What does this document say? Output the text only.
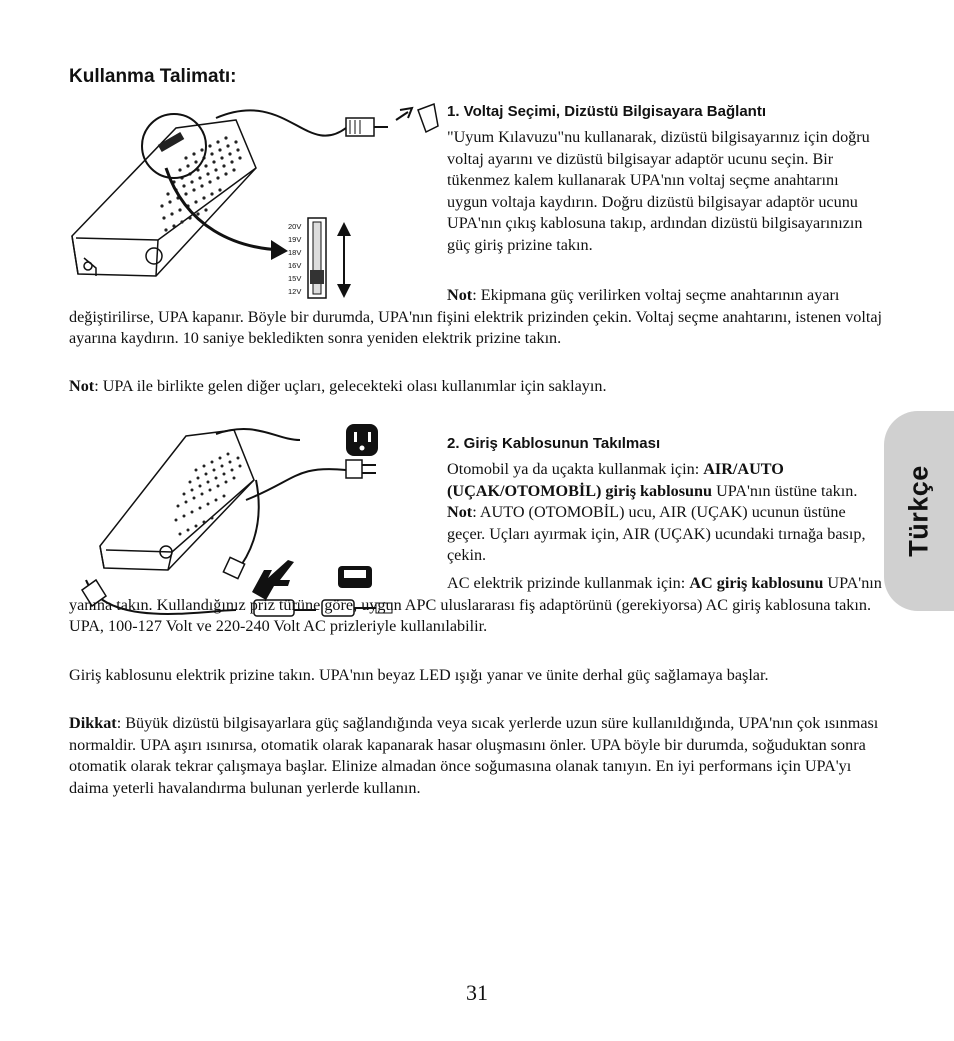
Kullanma Talimatı:
20V
19V
18V
16V
15V
12V
1. Voltaj Seçimi, Dizüstü Bilgisayara Bağlantı
"Uyum Kılavuzu"nu kullanarak, dizüstü bilgisayarınız için doğru voltaj ayarını ve dizüstü bilgisayar adaptör ucunu seçin. Bir tükenmez kalem kullanarak UPA'nın voltaj seçme anahtarını uygun voltaja kaydırın. Doğru dizüstü bilgisayar adaptör ucunu UPA'nın çıkış kablosuna takıp, ardından dizüstü bilgisayarınızın güç giriş prizine takın.
Not: Ekipmana güç verilirken voltaj seçme anahtarının ayarı değiştirilirse, UPA kapanır. Böyle bir durumda, UPA'nın fişini elektrik prizinden çekin. Voltaj seçme anahtarını, istenen voltaj ayarına kaydırın. 10 saniye bekledikten sonra yeniden elektrik prizine takın.
Not: UPA ile birlikte gelen diğer uçları, gelecekteki olası kullanımlar için saklayın.
2. Giriş Kablosunun Takılması
Otomobil ya da uçakta kullanmak için: AIR/AUTO (UÇAK/OTOMOBİL) giriş kablosunu UPA'nın üstüne takın. Not: AUTO (OTOMOBİL) ucu, AIR (UÇAK) ucunun üstüne geçer. Uçları ayırmak için, AIR (UÇAK) ucundaki tırnağa basıp, çekin.
AC elektrik prizinde kullanmak için: AC giriş kablosunu UPA'nın yanına takın. Kullandığınız priz türüne göre, uygun APC uluslararası fiş adaptörünü (gerekiyorsa) AC giriş kablosuna takın. UPA, 100-127 Volt ve 220-240 Volt AC prizleriyle kullanılabilir.
Giriş kablosunu elektrik prizine takın. UPA'nın beyaz LED ışığı yanar ve ünite derhal güç sağlamaya başlar.
Dikkat: Büyük dizüstü bilgisayarlara güç sağlandığında veya sıcak yerlerde uzun süre kullanıldığında, UPA'nın çok ısınması normaldir. UPA aşırı ısınırsa, otomatik olarak kapanarak hasar oluşmasını önler. UPA böyle bir durumda, soğuduktan sonra otomatik olarak tekrar çalışmaya başlar. Elinize almadan önce soğumasına olanak tanıyın. En iyi performans için UPA'yı daima yeterli havalandırma bulunan yerlerde kullanın.
Türkçe
31
